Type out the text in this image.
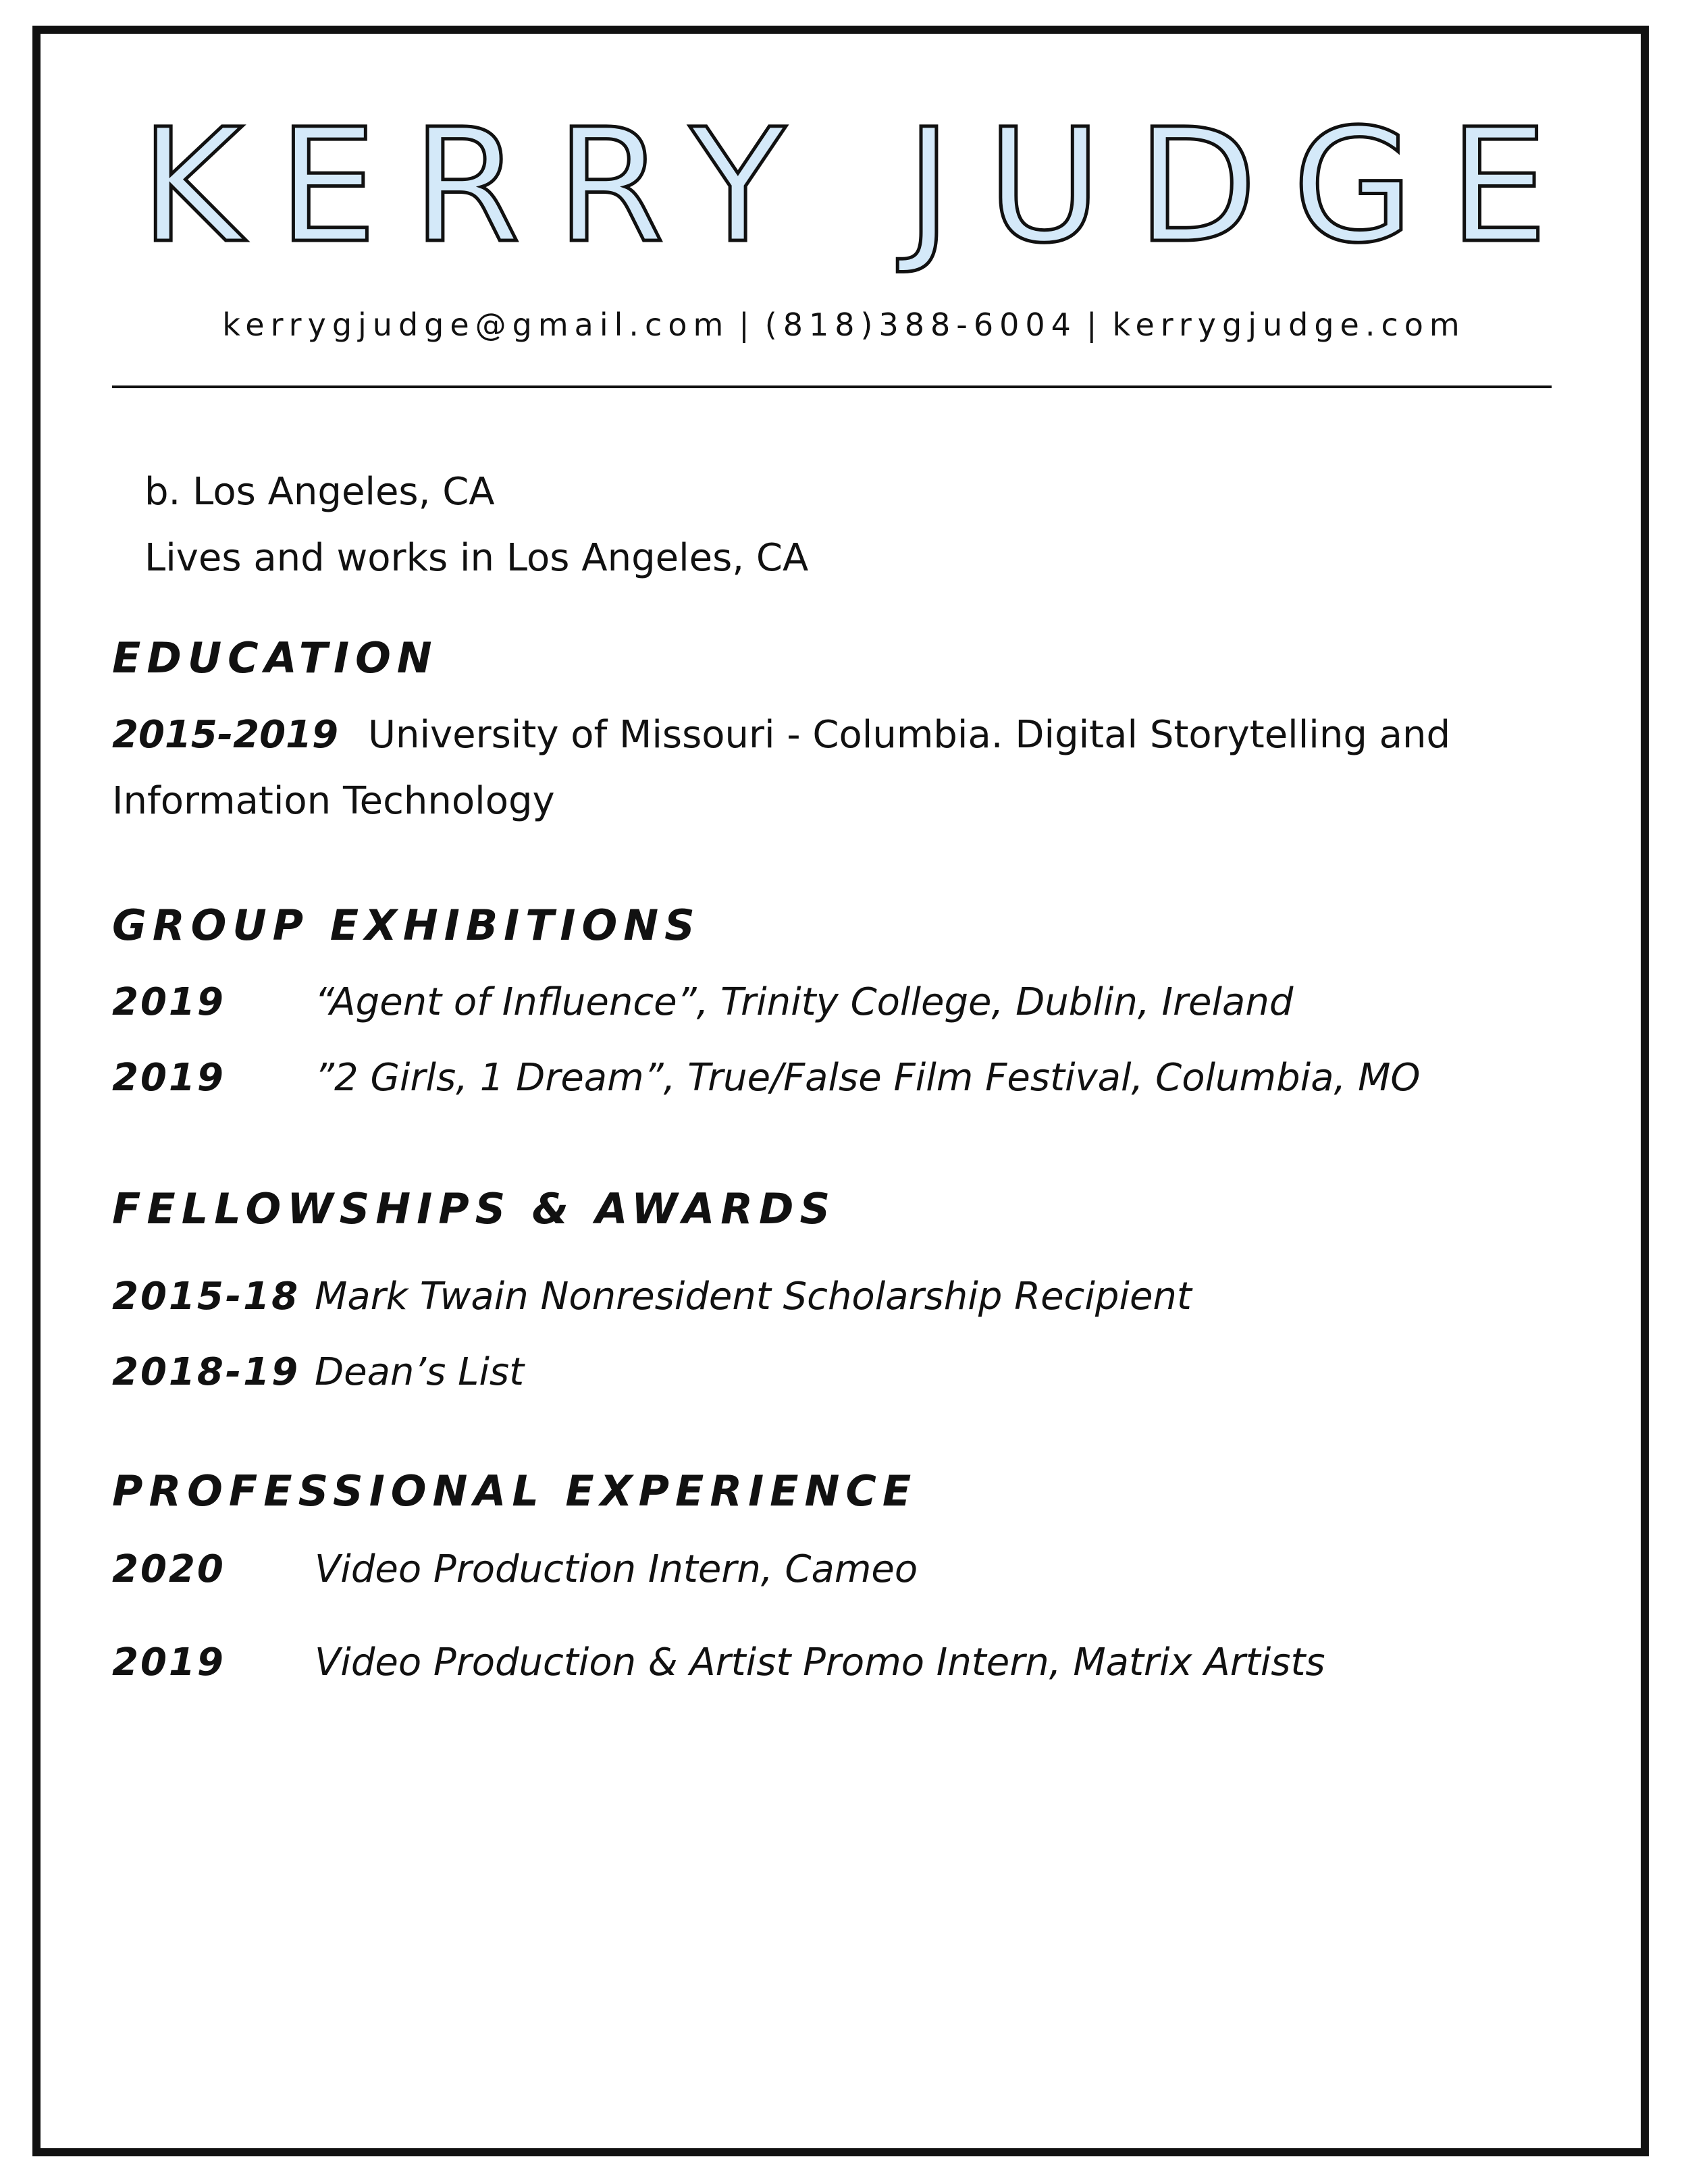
KERRY JUDGE
kerrygjudge@gmail.com | (818)388-6004 | kerrygjudge.com
b. Los Angeles, CA
Lives and works in Los Angeles, CA
EDUCATION
2015-2019 University of Missouri - Columbia. Digital Storytelling and
Information Technology
GROUP EXHIBITIONS
2019 “Agent of Influence”, Trinity College, Dublin, Ireland
2019 ”2 Girls, 1 Dream”, True/False Film Festival, Columbia, MO
FELLOWSHIPS & AWARDS
2015-18 Mark Twain Nonresident Scholarship Recipient
2018-19 Dean’s List
PROFESSIONAL EXPERIENCE
2020 Video Production Intern, Cameo
2019 Video Production & Artist Promo Intern, Matrix Artists
